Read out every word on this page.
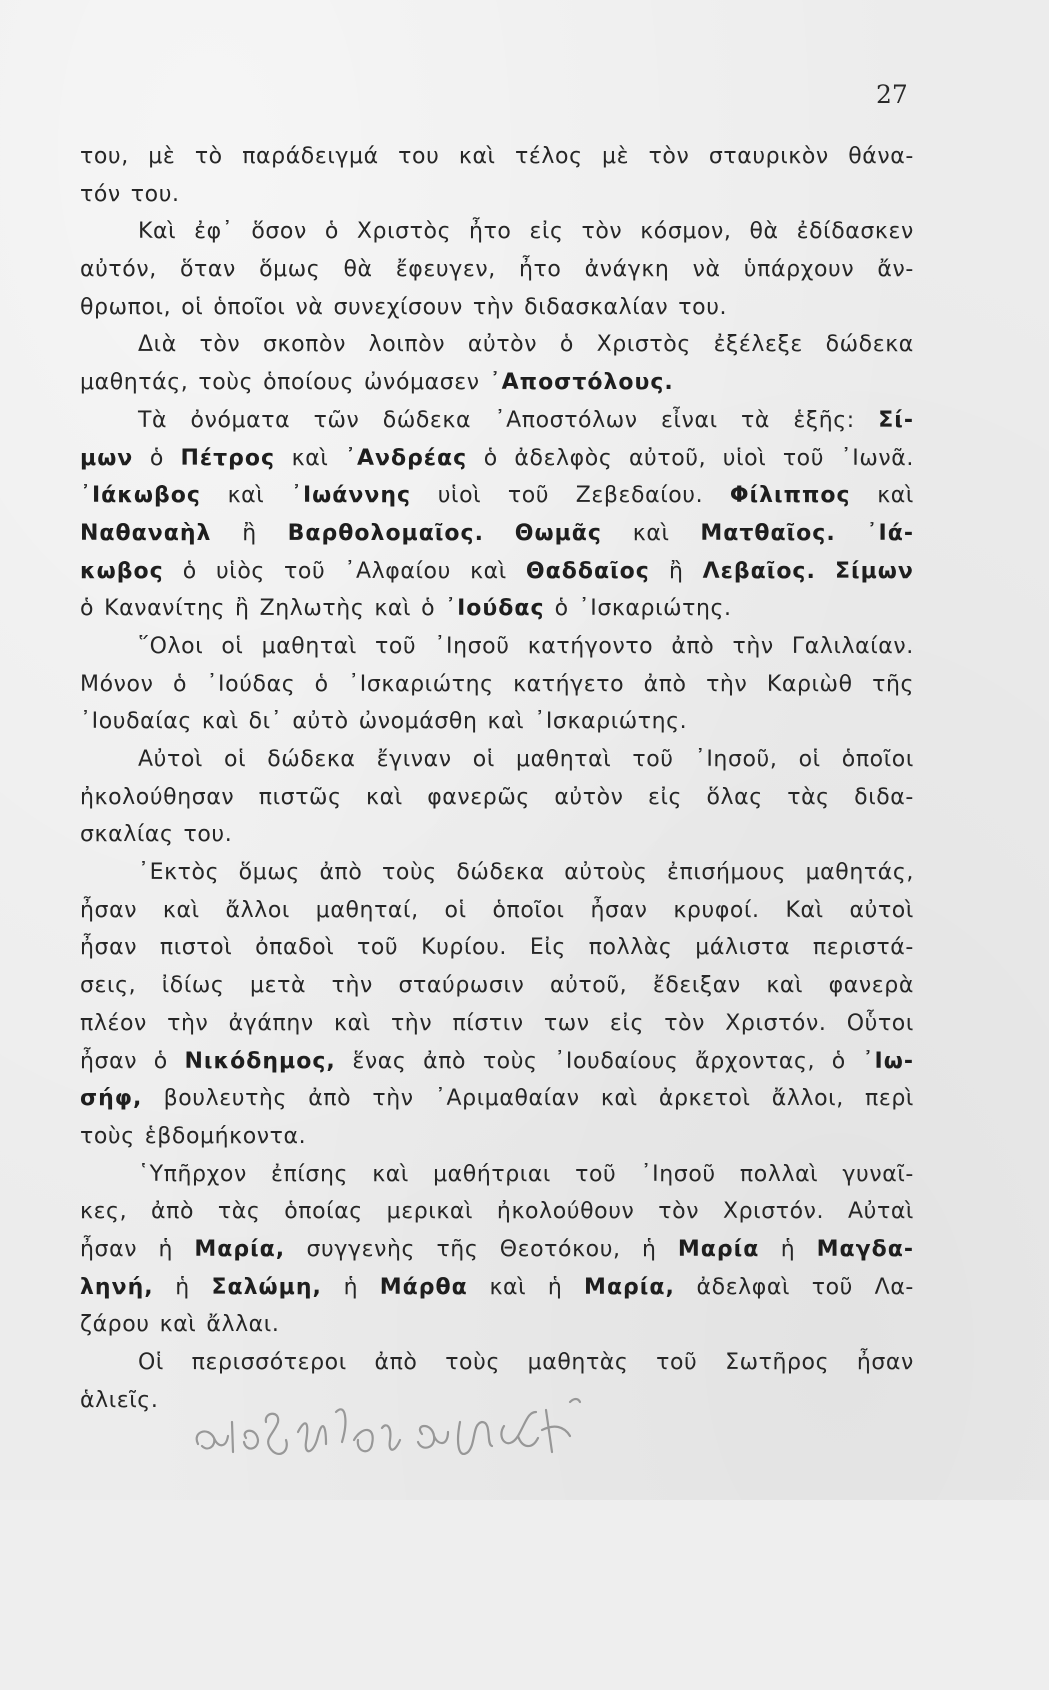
27
του, μὲ τὸ παράδειγμά του καὶ τέλος μὲ τὸν σταυρικὸν θάνα-
τόν του.
Καὶ ἐφ᾽ ὅσον ὁ Χριστὸς ἦτο εἰς τὸν κόσμον, θὰ ἐδίδασκεν
αὐτόν, ὅταν ὅμως θὰ ἔφευγεν, ἦτο ἀνάγκη νὰ ὑπάρχουν ἄν-
θρωποι, οἱ ὁποῖοι νὰ συνεχίσουν τὴν διδασκαλίαν του.
Διὰ τὸν σκοπὸν λοιπὸν αὐτὸν ὁ Χριστὸς ἐξέλεξε δώδεκα
μαθητάς, τοὺς ὁποίους ὠνόμασεν ᾿Αποστόλους.
Τὰ ὀνόματα τῶν δώδεκα ᾿Αποστόλων εἶναι τὰ ἑξῆς: Σί-
μων ὁ Πέτρος καὶ ᾿Ανδρέας ὁ ἀδελφὸς αὐτοῦ, υἱοὶ τοῦ ᾿Ιωνᾶ.
᾿Ιάκωβος καὶ ᾿Ιωάννης υἱοὶ τοῦ Ζεβεδαίου. Φίλιππος καὶ
Ναθαναὴλ ἢ Βαρθολομαῖος. Θωμᾶς καὶ Ματθαῖος. ᾿Ιά-
κωβος ὁ υἱὸς τοῦ ᾿Αλφαίου καὶ Θαδδαῖος ἢ Λεβαῖος. Σίμων
ὁ Κανανίτης ἢ Ζηλωτὴς καὶ ὁ ᾿Ιούδας ὁ ᾿Ισκαριώτης.
῞Ολοι οἱ μαθηταὶ τοῦ ᾿Ιησοῦ κατήγοντο ἀπὸ τὴν Γαλιλαίαν.
Μόνον ὁ ᾿Ιούδας ὁ ᾿Ισκαριώτης κατήγετο ἀπὸ τὴν Καριὼθ τῆς
᾿Ιουδαίας καὶ δι᾽ αὐτὸ ὠνομάσθη καὶ ᾿Ισκαριώτης.
Αὐτοὶ οἱ δώδεκα ἔγιναν οἱ μαθηταὶ τοῦ ᾿Ιησοῦ, οἱ ὁποῖοι
ἠκολούθησαν πιστῶς καὶ φανερῶς αὐτὸν εἰς ὅλας τὰς διδα-
σκαλίας του.
᾿Εκτὸς ὅμως ἀπὸ τοὺς δώδεκα αὐτοὺς ἐπισήμους μαθητάς,
ἦσαν καὶ ἄλλοι μαθηταί, οἱ ὁποῖοι ἦσαν κρυφοί. Καὶ αὐτοὶ
ἦσαν πιστοὶ ὀπαδοὶ τοῦ Κυρίου. Εἰς πολλὰς μάλιστα περιστά-
σεις, ἰδίως μετὰ τὴν σταύρωσιν αὐτοῦ, ἔδειξαν καὶ φανερὰ
πλέον τὴν ἀγάπην καὶ τὴν πίστιν των εἰς τὸν Χριστόν. Οὗτοι
ἦσαν ὁ Νικόδημος, ἕνας ἀπὸ τοὺς ᾿Ιουδαίους ἄρχοντας, ὁ ᾿Ιω-
σήφ, βουλευτὴς ἀπὸ τὴν ᾿Αριμαθαίαν καὶ ἀρκετοὶ ἄλλοι, περὶ
τοὺς ἑβδομήκοντα.
῾Υπῆρχον ἐπίσης καὶ μαθήτριαι τοῦ ᾿Ιησοῦ πολλαὶ γυναῖ-
κες, ἀπὸ τὰς ὁποίας μερικαὶ ἠκολούθουν τὸν Χριστόν. Αὐταὶ
ἦσαν ἡ Μαρία, συγγενὴς τῆς Θεοτόκου, ἡ Μαρία ἡ Μαγδα-
ληνή, ἡ Σαλώμη, ἡ Μάρθα καὶ ἡ Μαρία, ἀδελφαὶ τοῦ Λα-
ζάρου καὶ ἄλλαι.
Οἱ περισσότεροι ἀπὸ τοὺς μαθητὰς τοῦ Σωτῆρος ἦσαν
ἁλιεῖς.
